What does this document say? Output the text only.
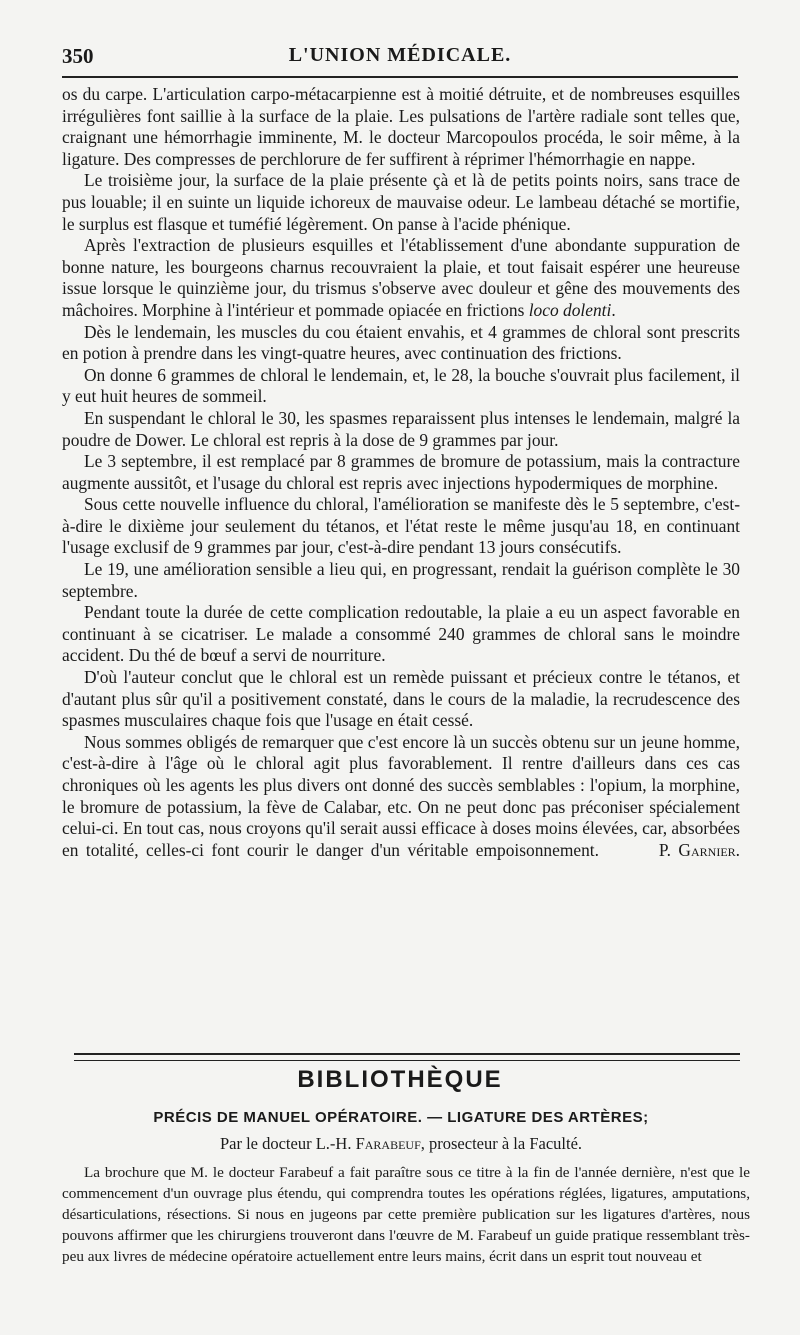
350	L'UNION MÉDICALE.

os du carpe. L'articulation carpo-métacarpienne est à moitié détruite, et de nombreuses esquilles irrégulières font saillie à la surface de la plaie. Les pulsations de l'artère radiale sont telles que, craignant une hémorrhagie imminente, M. le docteur Marcopoulos procéda, le soir même, à la ligature. Des compresses de perchlorure de fer suffirent à réprimer l'hémorrhagie en nappe.

Le troisième jour, la surface de la plaie présente çà et là de petits points noirs, sans trace de pus louable; il en suinte un liquide ichoreux de mauvaise odeur. Le lambeau détaché se mortifie, le surplus est flasque et tuméfié légèrement. On panse à l'acide phénique.

Après l'extraction de plusieurs esquilles et l'établissement d'une abondante suppuration de bonne nature, les bourgeons charnus recouvraient la plaie, et tout faisait espérer une heureuse issue lorsque le quinzième jour, du trismus s'observe avec douleur et gêne des mouvements des mâchoires. Morphine à l'intérieur et pommade opiacée en frictions loco dolenti.

Dès le lendemain, les muscles du cou étaient envahis, et 4 grammes de chloral sont prescrits en potion à prendre dans les vingt-quatre heures, avec continuation des frictions.

On donne 6 grammes de chloral le lendemain, et, le 28, la bouche s'ouvrait plus facilement, il y eut huit heures de sommeil.

En suspendant le chloral le 30, les spasmes reparaissent plus intenses le lendemain, malgré la poudre de Dower. Le chloral est repris à la dose de 9 grammes par jour.

Le 3 septembre, il est remplacé par 8 grammes de bromure de potassium, mais la contracture augmente aussitôt, et l'usage du chloral est repris avec injections hypodermiques de morphine.

Sous cette nouvelle influence du chloral, l'amélioration se manifeste dès le 5 septembre, c'est-à-dire le dixième jour seulement du tétanos, et l'état reste le même jusqu'au 18, en continuant l'usage exclusif de 9 grammes par jour, c'est-à-dire pendant 13 jours consécutifs.

Le 19, une amélioration sensible a lieu qui, en progressant, rendait la guérison complète le 30 septembre.

Pendant toute la durée de cette complication redoutable, la plaie a eu un aspect favorable en continuant à se cicatriser. Le malade a consommé 240 grammes de chloral sans le moindre accident. Du thé de bœuf a servi de nourriture.

D'où l'auteur conclut que le chloral est un remède puissant et précieux contre le tétanos, et d'autant plus sûr qu'il a positivement constaté, dans le cours de la maladie, la recrudescence des spasmes musculaires chaque fois que l'usage en était cessé.

Nous sommes obligés de remarquer que c'est encore là un succès obtenu sur un jeune homme, c'est-à-dire à l'âge où le chloral agit plus favorablement. Il rentre d'ailleurs dans ces cas chroniques où les agents les plus divers ont donné des succès semblables : l'opium, la morphine, le bromure de potassium, la fève de Calabar, etc. On ne peut donc pas préconiser spécialement celui-ci. En tout cas, nous croyons qu'il serait aussi efficace à doses moins élevées, car, absorbées en totalité, celles-ci font courir le danger d'un véritable empoisonnement.	P. Garnier.

BIBLIOTHÈQUE
PRÉCIS DE MANUEL OPÉRATOIRE. — LIGATURE DES ARTÈRES;
Par le docteur L.-H. Farabeuf, prosecteur à la Faculté.

La brochure que M. le docteur Farabeuf a fait paraître sous ce titre à la fin de l'année dernière, n'est que le commencement d'un ouvrage plus étendu, qui comprendra toutes les opérations réglées, ligatures, amputations, désarticulations, résections. Si nous en jugeons par cette première publication sur les ligatures d'artères, nous pouvons affirmer que les chirurgiens trouveront dans l'œuvre de M. Farabeuf un guide pratique ressemblant très-peu aux livres de médecine opératoire actuellement entre leurs mains, écrit dans un esprit tout nouveau et
